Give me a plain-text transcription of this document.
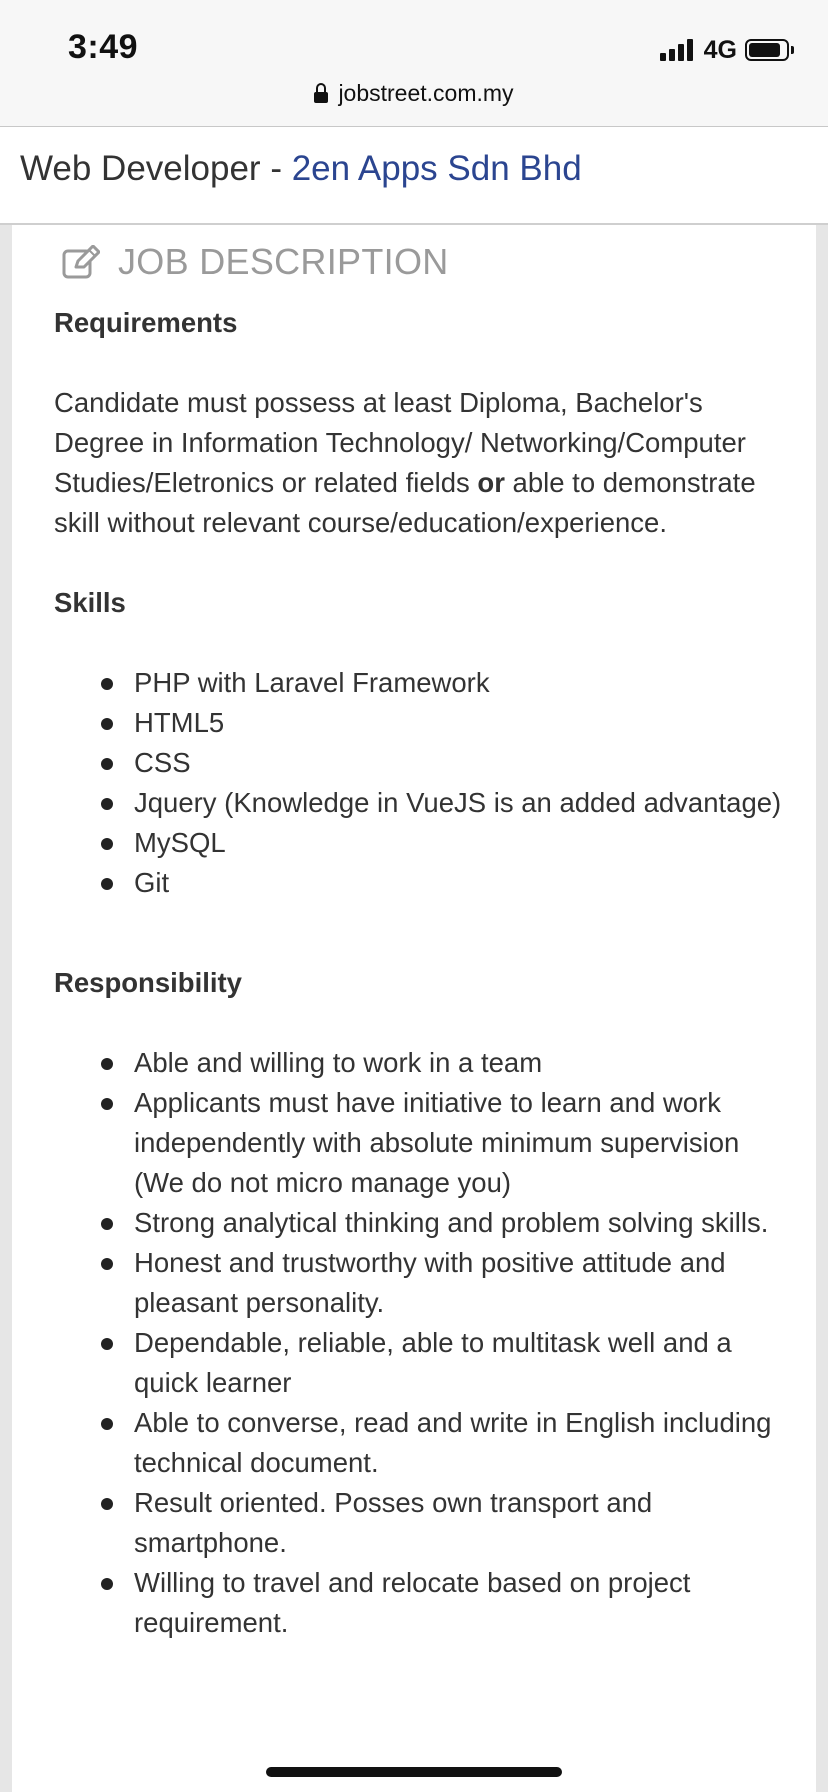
3:49	4G
jobstreet.com.my
Web Developer - 2en Apps Sdn Bhd
JOB DESCRIPTION

Requirements

Candidate must possess at least Diploma, Bachelor's Degree in Information Technology/ Networking/Computer Studies/Eletronics or related fields or able to demonstrate skill without relevant course/education/experience.

Skills

PHP with Laravel Framework
HTML5
CSS
Jquery (Knowledge in VueJS is an added advantage)
MySQL
Git

Responsibility

Able and willing to work in a team
Applicants must have initiative to learn and work independently with absolute minimum supervision (We do not micro manage you)
Strong analytical thinking and problem solving skills.
Honest and trustworthy with positive attitude and pleasant personality.
Dependable, reliable, able to multitask well and a quick learner
Able to converse, read and write in English including technical document.
Result oriented. Posses own transport and smartphone.
Willing to travel and relocate based on project requirement.
